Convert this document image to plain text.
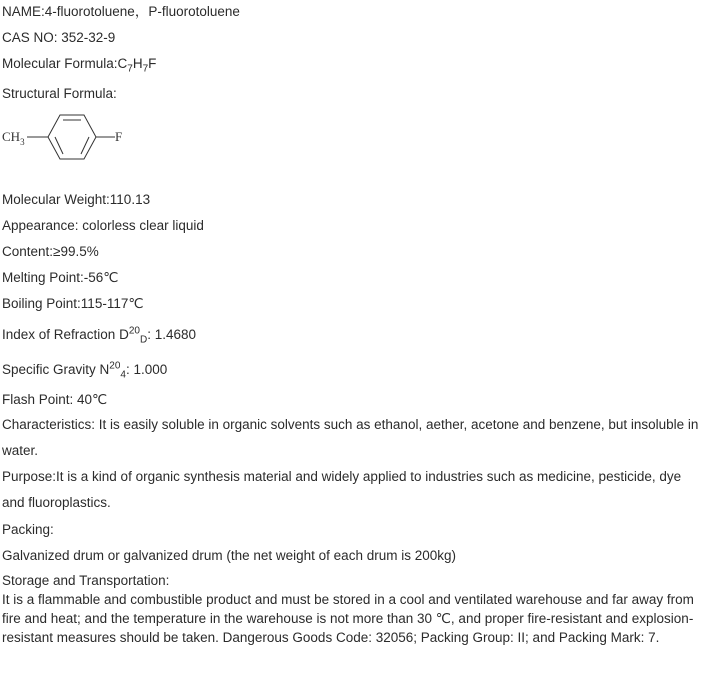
NAME:4-fluorotoluene，P-fluorotoluene
CAS NO: 352-32-9
Molecular $Formula:C_7H_7F$
Structural Formula:
$CH_3$	F
Molecular Weight:110.13
Appearance: colorless clear liquid
Content:≥99.5%
Melting Point:-56℃
Boiling Point:115-117℃
Index of Refraction $D^{20}_D$: 1.4680
Specific Gravity $N^{20}_4$: 1.000
Flash Point: 40℃
Characteristics: It is easily soluble in organic solvents such as ethanol, aether, acetone and benzene, but insoluble in water.
Purpose:It is a kind of organic synthesis material and widely applied to industries such as medicine, pesticide, dye and fluoroplastics.
Packing:
Galvanized drum or galvanized drum (the net weight of each drum is 200kg)
Storage and Transportation:
It is a flammable and combustible product and must be stored in a cool and ventilated warehouse and far away from fire and heat; and the temperature in the warehouse is not more than 30 ℃, and proper fire-resistant and explosion-resistant measures should be taken. Dangerous Goods Code: 32056; Packing Group: II; and Packing Mark: 7.
